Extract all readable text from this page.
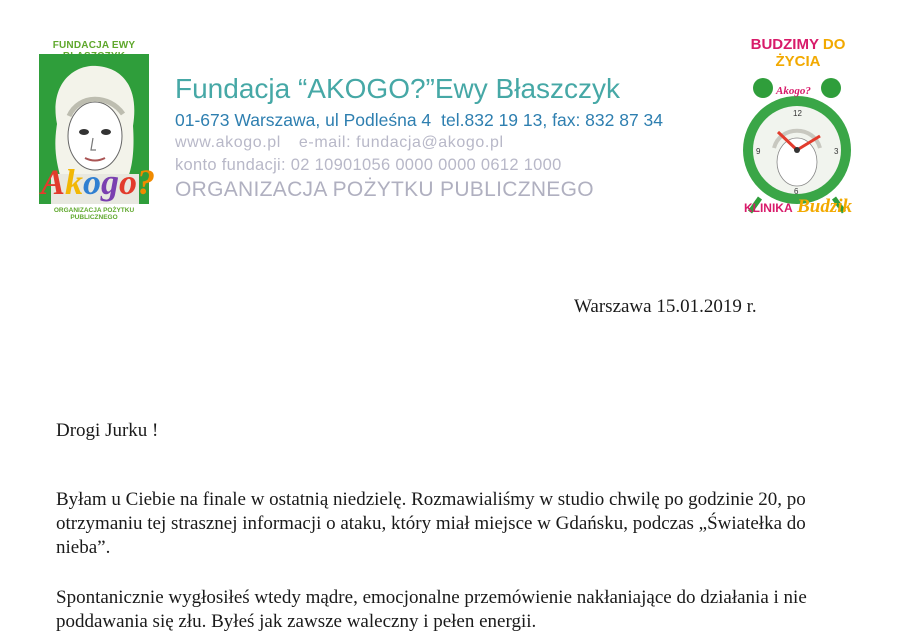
FUNDACJA EWY
Akogo?
ORGANIZACJA POŻYTKU PUBLICZNEGO
Fundacja “AKOGO?”Ewy Błaszczyk
01-673 Warszawa, ul Podleśna 4 tel.832 19 13, fax: 832 87 34
www.akogo.pl e-mail: fundacja@akogo.pl
konto fundacji: 02 10901056 0000 0000 0612 1000
ORGANIZACJA POŻYTKU PUBLICZNEGO
BUDZIMY DO ŻYCIA
12
3
6
9
Akogo?
KLINIKA Budzik
Warszawa 15.01.2019 r.
Drogi Jurku !
Byłam u Ciebie na finale w ostatnią niedzielę. Rozmawialiśmy w studio chwilę po godzinie 20, po otrzymaniu tej strasznej informacji o ataku, który miał miejsce w Gdańsku, podczas „Światełka do nieba”.
Spontanicznie wygłosiłeś wtedy mądre, emocjonalne przemówienie nakłaniające do działania i nie poddawania się złu. Byłeś jak zawsze waleczny i pełen energii.
